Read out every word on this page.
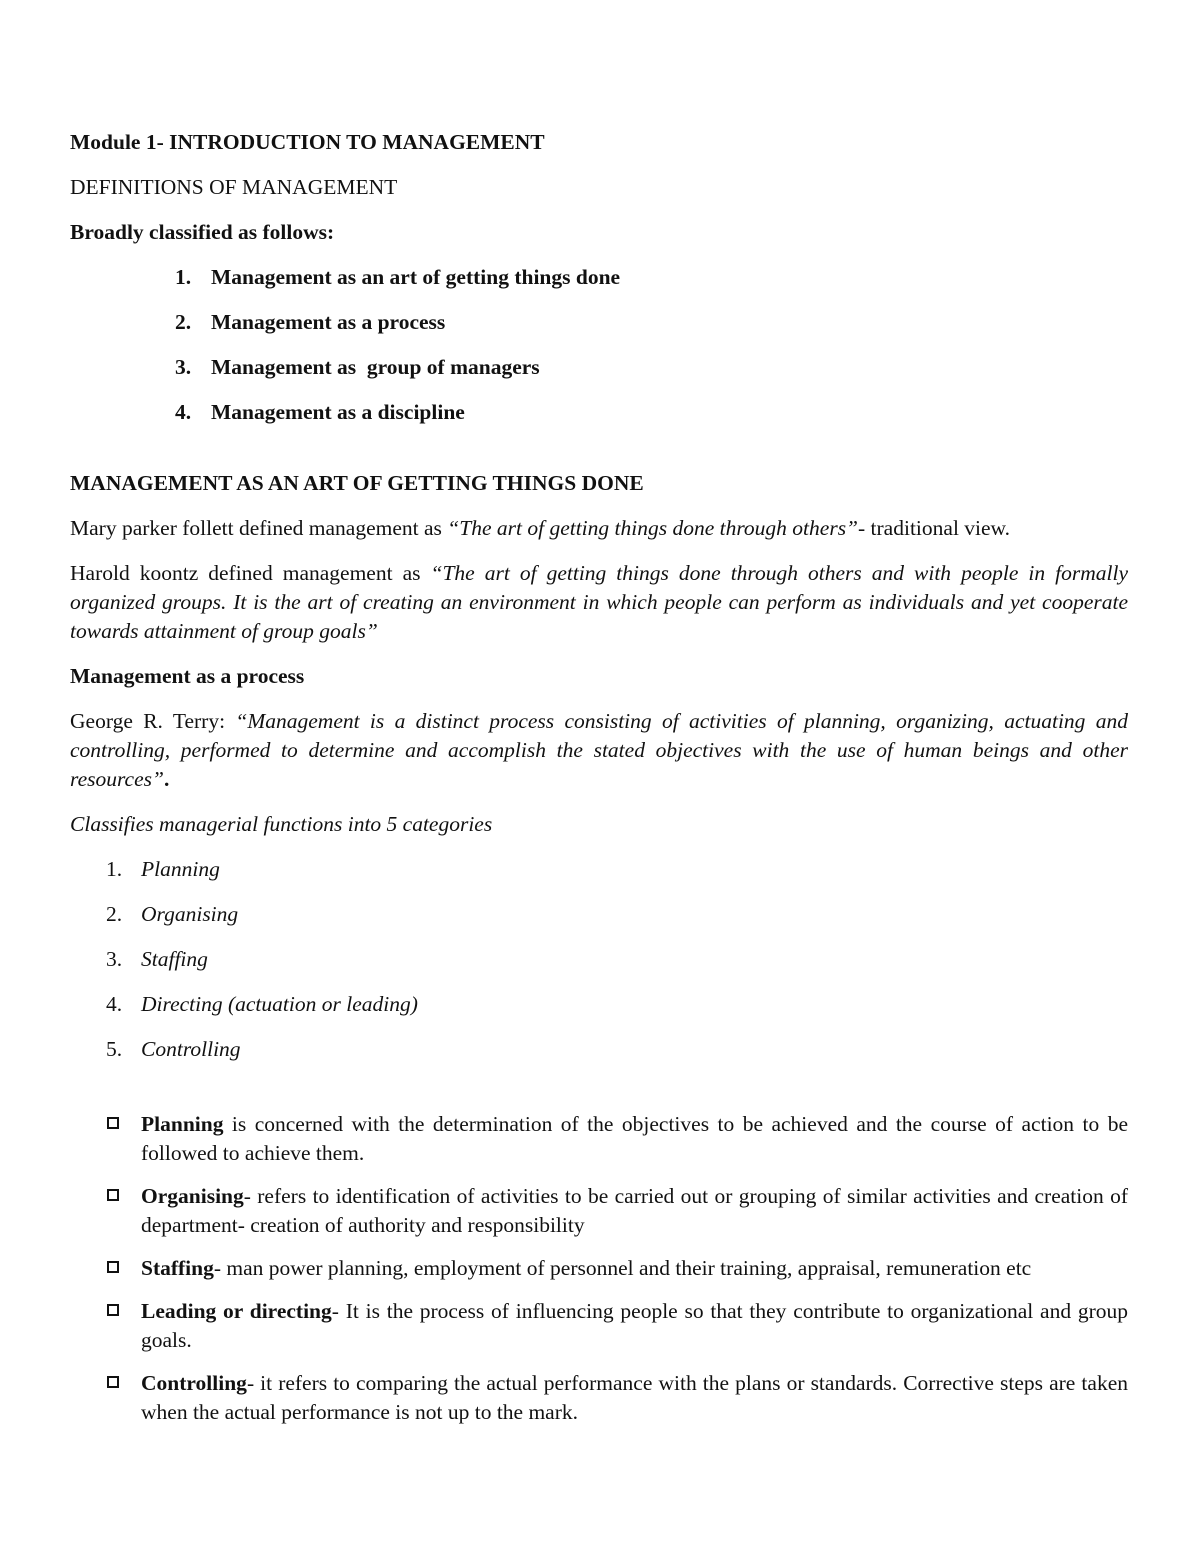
Module 1- INTRODUCTION TO MANAGEMENT

DEFINITIONS OF MANAGEMENT

Broadly classified as follows:

1. Management as an art of getting things done
2. Management as a process
3. Management as  group of managers
4. Management as a discipline

MANAGEMENT AS AN ART OF GETTING THINGS DONE

Mary parker follett defined management as “The art of getting things done through others”- traditional view.

Harold koontz defined management as “The art of getting things done through others and with people in formally organized groups. It is the art of creating an environment in which people can perform as individuals and yet cooperate towards attainment of group goals”

Management as a process

George R. Terry: “Management is a distinct process consisting of activities of planning, organizing, actuating and controlling, performed to determine and accomplish the stated objectives with the use of human beings and other resources”.

Classifies managerial functions into 5 categories

1. Planning
2. Organising
3. Staffing
4. Directing (actuation or leading)
5. Controlling
Planning is concerned with the determination of the objectives to be achieved and the course of action to be followed to achieve them.
Organising- refers to identification of activities to be carried out or grouping of similar activities and creation of department- creation of authority and responsibility
Staffing- man power planning, employment of personnel and their training, appraisal, remuneration etc
Leading or directing- It is the process of influencing people so that they contribute to organizational and group goals.
Controlling- it refers to comparing the actual performance with the plans or standards. Corrective steps are taken when the actual performance is not up to the mark.
